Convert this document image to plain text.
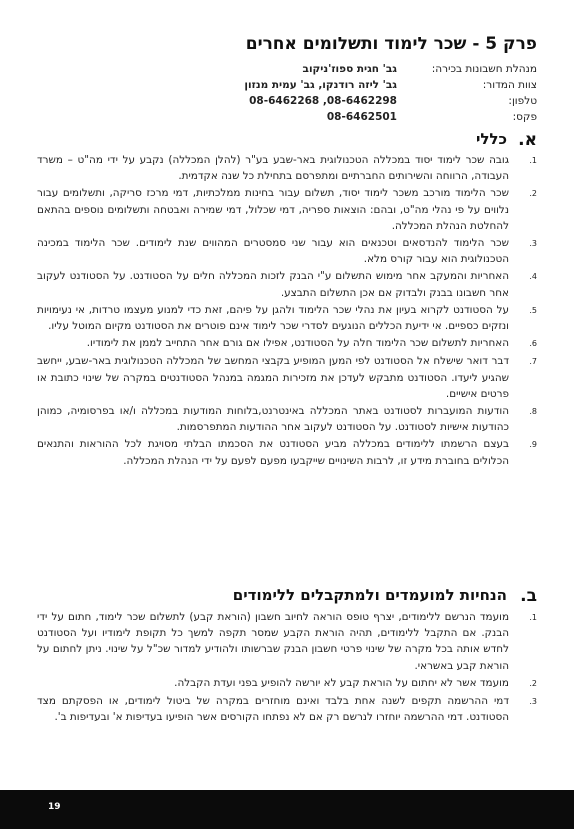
פרק 5 - שכר לימוד ותשלומים אחרים
מנהלת חשבונות בכירה:
גב' חגית ספוז'ניקוב
צוות המדור:
גב' ליזה רודנקו, גב' עמית מנזון
טלפון:
08-6462268 ,08-6462298
פקס:
08-6462501
א.
כללי
1.
גובה שכר לימוד יסוד במכללה הטכנולוגית באר-שבע בע"ר (להלן המכללה) נקבע על ידי מה"ט – משרד העבודה, הרווחה והשירותים החברתיים ומתפרסם בתחילת כל שנה אקדמית.
2.
שכר הלימוד מורכב משכר לימוד יסוד, תשלום עבור בחינות ממלכתיות, דמי מרכז סריקה, ותשלומים עבור נלווים על פי נהלי מה"ט, ובהם: הוצאות ספריה, דמי שכלול, דמי שמירה ואבטחה ותשלומים נוספים בהתאם להחלטת הנהלת המכללה.
3.
שכר הלימוד להנדסאים וטכנאים הוא עבור שני סמסטרים המהווים שנת לימודים. שכר הלימוד במכינה הטכנולוגית הוא עבור קורס מלא.
4.
האחריות והמעקב אחר מימוש התשלום ע"י הבנק לזכות המכללה חלים על הסטודנט. על הסטודנט לעקוב אחר חשבונו בבנק ולבדוק אם אכן התשלום התבצע.
5.
על הסטודנט לקרוא בעיון את נהלי שכר הלימוד ולהגן על פיהם, זאת כדי למנוע מעצמו טרדות, אי נעימויות ונזקים כספיים. אי ידיעת הכללים הנוגעים לסדרי שכר לימוד אינם פוטרים את הסטודנט מקיום המוטל עליו.
6.
האחריות לתשלום שכר הלימוד חלה על הסטודנט, אפילו אם גורם אחר התחייב לממן את לימודיו.
7.
דבר דואר שישלח אל הסטודנט לפי המען המופיע בקבצי המחשב של המכללה הטכנולוגית באר-שבע, ייחשב שהגיע ליעדו. הסטודנט מתבקש לעדכן את מזכירות המגמה במנהל הסטודנטים במקרה של שינוי כתובת או פרטים אישיים.
8.
הודעות המועברות לסטודנט באתר המכללה באינטרנט,בלוחות המודעות במכללה ו/או בפרסומיה, כמוהן כהודעות אישיות לסטודנט. על הסטודנט לעקוב אחר ההודעות המתפרסמות.
9.
בעצם הרשמתו ללימודים במכללה מביע הסטודנט את הסכמתו הבלתי מסויגת לכל ההוראות והתנאים הכלולים בחוברת מידע זו, לרבות השינויים שייקבעו מפעם לפעם על ידי הנהלת המכללה.
ב.
הנחיות למועמדים ולמתקבלים ללימודים
1.
מועמד הנרשם ללימודים, יצרף טופס הוראה לחיוב חשבון (הוראת קבע) לתשלום שכר לימוד, חתום על ידי הבנק. אם התקבל ללימודים, תהיה הוראת הקבע שמסר תקפה למשך כל תקופת לימודיו ועל הסטודנט לחדש אותה בכל מקרה של שינוי פרטי חשבון הבנק שברשותו ולהודיע למדור שכ"ל על שינוי. ניתן לחתום על הוראת קבע באשראי.
2.
מועמד אשר לא יחתום על הוראת קבע לא יורשה להופיע בפני ועדת הקבלה.
3.
דמי ההרשמה תקפים לשנה אחת בלבד ואינם מוחזרים במקרה של ביטול לימודים, או הפסקתם מצד הסטודנט. דמי ההרשמה יוחזרו לנרשם רק אם לא נפתחו הקורסים אשר הופיעו בעדיפות א' ובעדיפות ב'.
19
